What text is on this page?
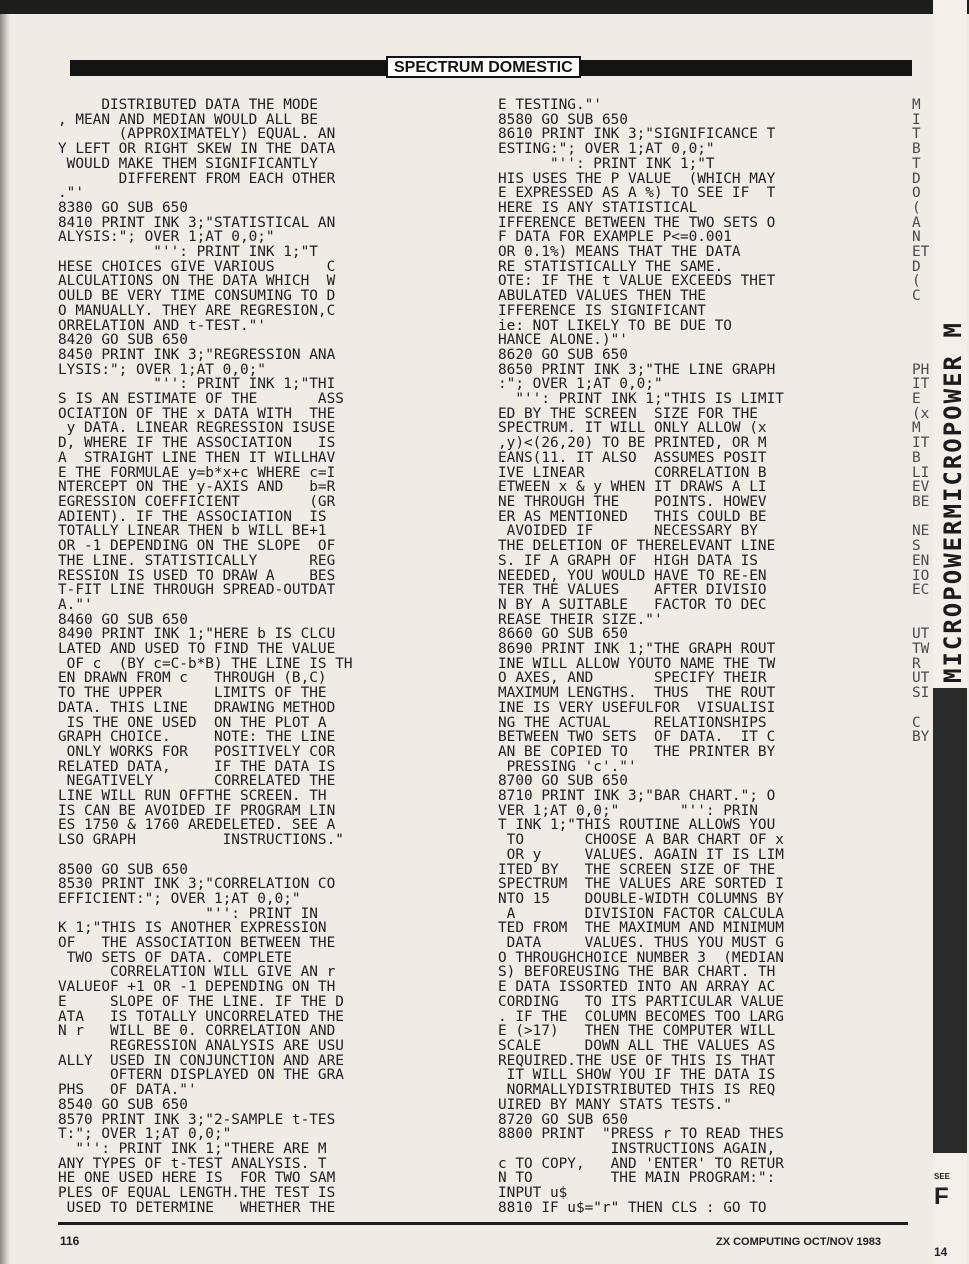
SPECTRUM DOMESTIC
DISTRIBUTED DATA THE MODE
, MEAN AND MEDIAN WOULD ALL BE
(APPROXIMATELY) EQUAL. AN
Y LEFT OR RIGHT SKEW IN THE DATA
WOULD MAKE THEM SIGNIFICANTLY
DIFFERENT FROM EACH OTHER
."'
8380 GO SUB 650
8410 PRINT INK 3;"STATISTICAL AN
ALYSIS:"; OVER 1;AT 0,0;"
"'': PRINT INK 1;"T
HESE CHOICES GIVE VARIOUS      C
ALCULATIONS ON THE DATA WHICH  W
OULD BE VERY TIME CONSUMING TO D
O MANUALLY. THEY ARE REGRESION,C
ORRELATION AND t-TEST."'
8420 GO SUB 650
8450 PRINT INK 3;"REGRESSION ANA
LYSIS:"; OVER 1;AT 0,0;"
"'': PRINT INK 1;"THI
S IS AN ESTIMATE OF THE       ASS
OCIATION OF THE x DATA WITH  THE
y DATA. LINEAR REGRESSION ISUSE
D, WHERE IF THE ASSOCIATION   IS
A  STRAIGHT LINE THEN IT WILLHAV
E THE FORMULAE y=b*x+c WHERE c=I
NTERCEPT ON THE y-AXIS AND   b=R
EGRESSION COEFFICIENT        (GR
ADIENT). IF THE ASSOCIATION  IS
TOTALLY LINEAR THEN b WILL BE+1
OR -1 DEPENDING ON THE SLOPE  OF
THE LINE. STATISTICALLY      REG
RESSION IS USED TO DRAW A    BES
T-FIT LINE THROUGH SPREAD-OUTDAT
A."'
8460 GO SUB 650
8490 PRINT INK 1;"HERE b IS CLCU
LATED AND USED TO FIND THE VALUE
OF c  (BY c=C-b*B) THE LINE IS TH
EN DRAWN FROM c   THROUGH (B,C)
TO THE UPPER      LIMITS OF THE
DATA. THIS LINE   DRAWING METHOD
IS THE ONE USED  ON THE PLOT A
GRAPH CHOICE.     NOTE: THE LINE
ONLY WORKS FOR   POSITIVELY COR
RELATED DATA,     IF THE DATA IS
NEGATIVELY       CORRELATED THE
LINE WILL RUN OFFTHE SCREEN. TH
IS CAN BE AVOIDED IF PROGRAM LIN
ES 1750 & 1760 AREDELETED. SEE A
LSO GRAPH          INSTRUCTIONS."

8500 GO SUB 650
8530 PRINT INK 3;"CORRELATION CO
EFFICIENT:"; OVER 1;AT 0,0;"
"'': PRINT IN
K 1;"THIS IS ANOTHER EXPRESSION
OF   THE ASSOCIATION BETWEEN THE
TWO SETS OF DATA. COMPLETE
CORRELATION WILL GIVE AN r
VALUEOF +1 OR -1 DEPENDING ON TH
E     SLOPE OF THE LINE. IF THE D
ATA   IS TOTALLY UNCORRELATED THE
N r   WILL BE 0. CORRELATION AND
REGRESSION ANALYSIS ARE USU
ALLY  USED IN CONJUNCTION AND ARE
OFTERN DISPLAYED ON THE GRA
PHS   OF DATA."'
8540 GO SUB 650
8570 PRINT INK 3;"2-SAMPLE t-TES
T:"; OVER 1;AT 0,0;"
"'': PRINT INK 1;"THERE ARE M
ANY TYPES OF t-TEST ANALYSIS. T
HE ONE USED HERE IS  FOR TWO SAM
PLES OF EQUAL LENGTH.THE TEST IS
USED TO DETERMINE   WHETHER THE

E TESTING."'
8580 GO SUB 650
8610 PRINT INK 3;"SIGNIFICANCE T
ESTING:"; OVER 1;AT 0,0;"
"'': PRINT INK 1;"T
HIS USES THE P VALUE  (WHICH MAY
E EXPRESSED AS A %) TO SEE IF  T
HERE IS ANY STATISTICAL
IFFERENCE BETWEEN THE TWO SETS O
F DATA FOR EXAMPLE P<=0.001
OR 0.1%) MEANS THAT THE DATA
RE STATISTICALLY THE SAME.
OTE: IF THE t VALUE EXCEEDS THET
ABULATED VALUES THEN THE
IFFERENCE IS SIGNIFICANT
ie: NOT LIKELY TO BE DUE TO
HANCE ALONE.)"'
8620 GO SUB 650
8650 PRINT INK 3;"THE LINE GRAPH
:"; OVER 1;AT 0,0;"
"'': PRINT INK 1;"THIS IS LIMIT
ED BY THE SCREEN  SIZE FOR THE
SPECTRUM. IT WILL ONLY ALLOW (x
,y)<(26,20) TO BE PRINTED, OR M
EANS(11. IT ALSO  ASSUMES POSIT
IVE LINEAR        CORRELATION B
ETWEEN x & y WHEN IT DRAWS A LI
NE THROUGH THE    POINTS. HOWEV
ER AS MENTIONED   THIS COULD BE
AVOIDED IF       NECESSARY BY
THE DELETION OF THERELEVANT LINE
S. IF A GRAPH OF  HIGH DATA IS
NEEDED, YOU WOULD HAVE TO RE-EN
TER THE VALUES    AFTER DIVISIO
N BY A SUITABLE   FACTOR TO DEC
REASE THEIR SIZE."'
8660 GO SUB 650
8690 PRINT INK 1;"THE GRAPH ROUT
INE WILL ALLOW YOUTO NAME THE TW
O AXES, AND       SPECIFY THEIR
MAXIMUM LENGTHS.  THUS  THE ROUT
INE IS VERY USEFULFOR  VISUALISI
NG THE ACTUAL     RELATIONSHIPS
BETWEEN TWO SETS  OF DATA.  IT C
AN BE COPIED TO   THE PRINTER BY
PRESSING 'c'."'
8700 GO SUB 650
8710 PRINT INK 3;"BAR CHART."; O
VER 1;AT 0,0;"       "'': PRIN
T INK 1;"THIS ROUTINE ALLOWS YOU
TO       CHOOSE A BAR CHART OF x
OR y     VALUES. AGAIN IT IS LIM
ITED BY   THE SCREEN SIZE OF THE
SPECTRUM  THE VALUES ARE SORTED I
NTO 15    DOUBLE-WIDTH COLUMNS BY
A        DIVISION FACTOR CALCULA
TED FROM  THE MAXIMUM AND MINIMUM
DATA     VALUES. THUS YOU MUST G
O THROUGHCHOICE NUMBER 3  (MEDIAN
S) BEFOREUSING THE BAR CHART. TH
E DATA ISSORTED INTO AN ARRAY AC
CORDING   TO ITS PARTICULAR VALUE
. IF THE  COLUMN BECOMES TOO LARG
E (>17)   THEN THE COMPUTER WILL
SCALE     DOWN ALL THE VALUES AS
REQUIRED.THE USE OF THIS IS THAT
IT WILL SHOW YOU IF THE DATA IS
NORMALLYDISTRIBUTED THIS IS REQ
UIRED BY MANY STATS TESTS."
8720 GO SUB 650
8800 PRINT  "PRESS r TO READ THES
INSTRUCTIONS AGAIN,
c TO COPY,   AND 'ENTER' TO RETUR
N TO         THE MAIN PROGRAM:":
INPUT u$
8810 IF u$="r" THEN CLS : GO TO

M
I
T
B
T
D
O
(
A
N
ET
D
(
C

PH
IT
E
(x
M
IT
B
LI
EV
BE

NE
S
EN
IO
EC

UT
TW
R
UT
SI

C
BY

MICROPOWERMICROPOWER M
SEE
F
14
116	ZX COMPUTING OCT/NOV 1983
